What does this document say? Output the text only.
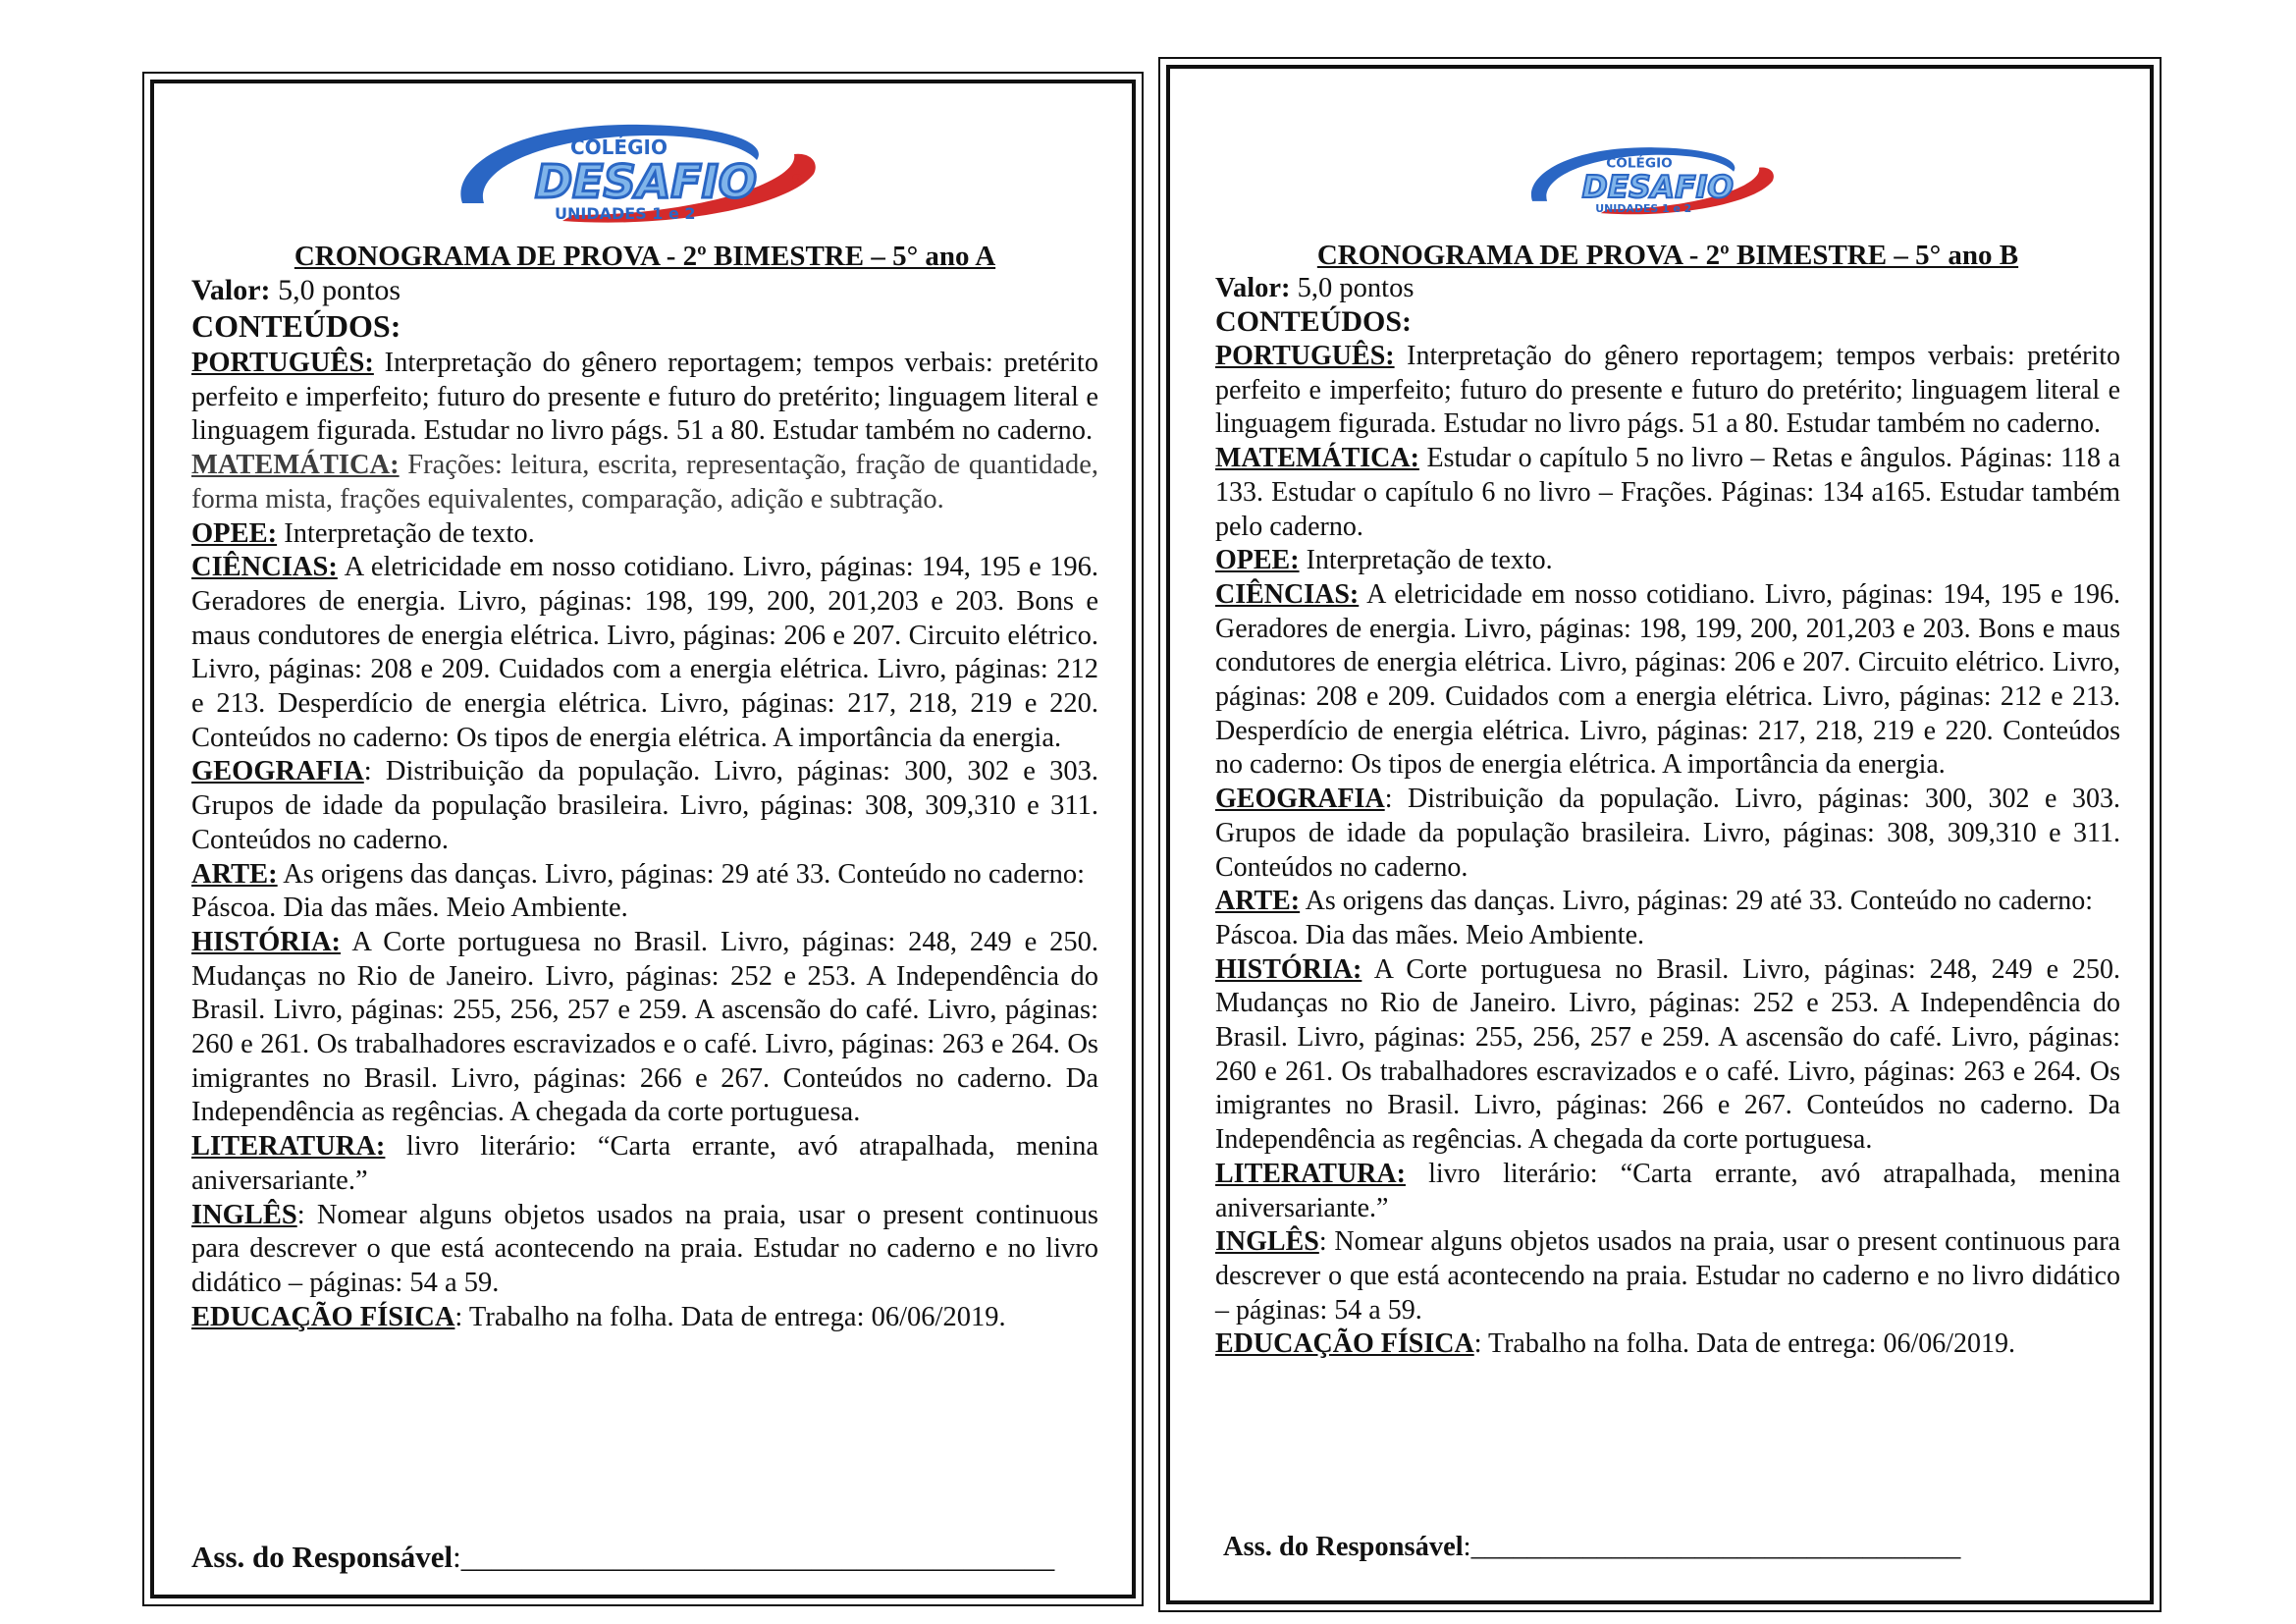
COLÉGIO
DESAFIO ®
UNIDADES 1 e 2
CRONOGRAMA DE PROVA - 2º BIMESTRE – 5° ano A
Valor: 5,0 pontos
CONTEÚDOS:

PORTUGUÊS: Interpretação do gênero reportagem; tempos verbais: pretérito perfeito e imperfeito; futuro do presente e futuro do pretérito; linguagem literal e linguagem figurada. Estudar no livro págs. 51 a 80. Estudar também no caderno.

MATEMÁTICA: Frações: leitura, escrita, representação, fração de quantidade, forma mista, frações equivalentes, comparação, adição e subtração.

OPEE: Interpretação de texto.

CIÊNCIAS: A eletricidade em nosso cotidiano. Livro, páginas: 194, 195 e 196. Geradores de energia. Livro, páginas: 198, 199, 200, 201,203 e 203. Bons e maus condutores de energia elétrica. Livro, páginas: 206 e 207. Circuito elétrico. Livro, páginas: 208 e 209. Cuidados com a energia elétrica. Livro, páginas: 212 e 213. Desperdício de energia elétrica. Livro, páginas: 217, 218, 219 e 220. Conteúdos no caderno: Os tipos de energia elétrica. A importância da energia.

GEOGRAFIA: Distribuição da população. Livro, páginas: 300, 302 e 303. Grupos de idade da população brasileira. Livro, páginas: 308, 309,310 e 311. Conteúdos no caderno.

ARTE: As origens das danças. Livro, páginas: 29 até 33. Conteúdo no caderno: Páscoa. Dia das mães. Meio Ambiente.

HISTÓRIA: A Corte portuguesa no Brasil. Livro, páginas: 248, 249 e 250. Mudanças no Rio de Janeiro. Livro, páginas: 252 e 253. A Independência do Brasil. Livro, páginas: 255, 256, 257 e 259. A ascensão do café. Livro, páginas: 260 e 261. Os trabalhadores escravizados e o café. Livro, páginas: 263 e 264. Os imigrantes no Brasil. Livro, páginas: 266 e 267. Conteúdos no caderno. Da Independência as regências. A chegada da corte portuguesa.

LITERATURA: livro literário: “Carta errante, avó atrapalhada, menina aniversariante.”

INGLÊS: Nomear alguns objetos usados na praia, usar o present continuous para descrever o que está acontecendo na praia. Estudar no caderno e no livro didático – páginas: 54 a 59.

EDUCAÇÃO FÍSICA: Trabalho na folha. Data de entrega: 06/06/2019.

Ass. do Responsável:_______________________________________
COLÉGIO
DESAFIO ®
UNIDADES 1 e 2
CRONOGRAMA DE PROVA - 2º BIMESTRE – 5° ano B
Valor: 5,0 pontos
CONTEÚDOS:

PORTUGUÊS: Interpretação do gênero reportagem; tempos verbais: pretérito perfeito e imperfeito; futuro do presente e futuro do pretérito; linguagem literal e linguagem figurada. Estudar no livro págs. 51 a 80. Estudar também no caderno.

MATEMÁTICA: Estudar o capítulo 5 no livro – Retas e ângulos. Páginas: 118 a 133. Estudar o capítulo 6 no livro – Frações. Páginas: 134 a165. Estudar também pelo caderno.

OPEE: Interpretação de texto.

CIÊNCIAS: A eletricidade em nosso cotidiano. Livro, páginas: 194, 195 e 196. Geradores de energia. Livro, páginas: 198, 199, 200, 201,203 e 203. Bons e maus condutores de energia elétrica. Livro, páginas: 206 e 207. Circuito elétrico. Livro, páginas: 208 e 209. Cuidados com a energia elétrica. Livro, páginas: 212 e 213. Desperdício de energia elétrica. Livro, páginas: 217, 218, 219 e 220. Conteúdos no caderno: Os tipos de energia elétrica. A importância da energia.

GEOGRAFIA: Distribuição da população. Livro, páginas: 300, 302 e 303. Grupos de idade da população brasileira. Livro, páginas: 308, 309,310 e 311. Conteúdos no caderno.

ARTE: As origens das danças. Livro, páginas: 29 até 33. Conteúdo no caderno: Páscoa. Dia das mães. Meio Ambiente.

HISTÓRIA: A Corte portuguesa no Brasil. Livro, páginas: 248, 249 e 250. Mudanças no Rio de Janeiro. Livro, páginas: 252 e 253. A Independência do Brasil. Livro, páginas: 255, 256, 257 e 259. A ascensão do café. Livro, páginas: 260 e 261. Os trabalhadores escravizados e o café. Livro, páginas: 263 e 264. Os imigrantes no Brasil. Livro, páginas: 266 e 267. Conteúdos no caderno. Da Independência as regências. A chegada da corte portuguesa.

LITERATURA: livro literário: “Carta errante, avó atrapalhada, menina aniversariante.”

INGLÊS: Nomear alguns objetos usados na praia, usar o present continuous para descrever o que está acontecendo na praia. Estudar no caderno e no livro didático – páginas: 54 a 59.

EDUCAÇÃO FÍSICA: Trabalho na folha. Data de entrega: 06/06/2019.

Ass. do Responsável:___________________________________
